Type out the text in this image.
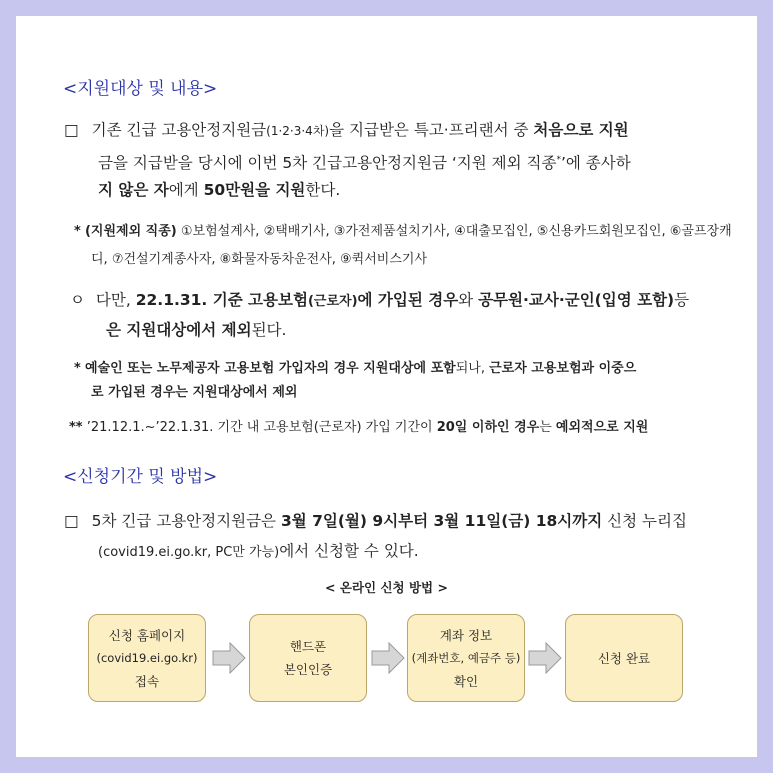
<지원대상 및 내용>
□ 기존 긴급 고용안정지원금(1·2·3·4차)을 지급받은 특고·프리랜서 중 처음으로 지원
금을 지급받을 당시에 이번 5차 긴급고용안정지원금 ‘지원 제외 직종*’에 종사하
지 않은 자에게 50만원을 지원한다.
* (지원제외 직종) ①보험설계사, ②택배기사, ③가전제품설치기사, ④대출모집인, ⑤신용카드회원모집인, ⑥골프장캐
디, ⑦건설기계종사자, ⑧화물자동차운전사, ⑨퀵서비스기사
ㅇ 다만, 22.1.31. 기준 고용보험(근로자)에 가입된 경우와 공무원·교사·군인(입영 포함)등
은 지원대상에서 제외된다.
* 예술인 또는 노무제공자 고용보험 가입자의 경우 지원대상에 포함되나, 근로자 고용보험과 이중으
로 가입된 경우는 지원대상에서 제외
** ’21.12.1.~’22.1.31. 기간 내 고용보험(근로자) 가입 기간이 20일 이하인 경우는 예외적으로 지원
<신청기간 및 방법>
□ 5차 긴급 고용안정지원금은 3월 7일(월) 9시부터 3월 11일(금) 18시까지 신청 누리집
(covid19.ei.go.kr, PC만 가능)에서 신청할 수 있다.
< 온라인 신청 방법 >
신청 홈페이지
(covid19.ei.go.kr)
접속
핸드폰
본인인증
계좌 정보
(계좌번호, 예금주 등)
확인
신청 완료
